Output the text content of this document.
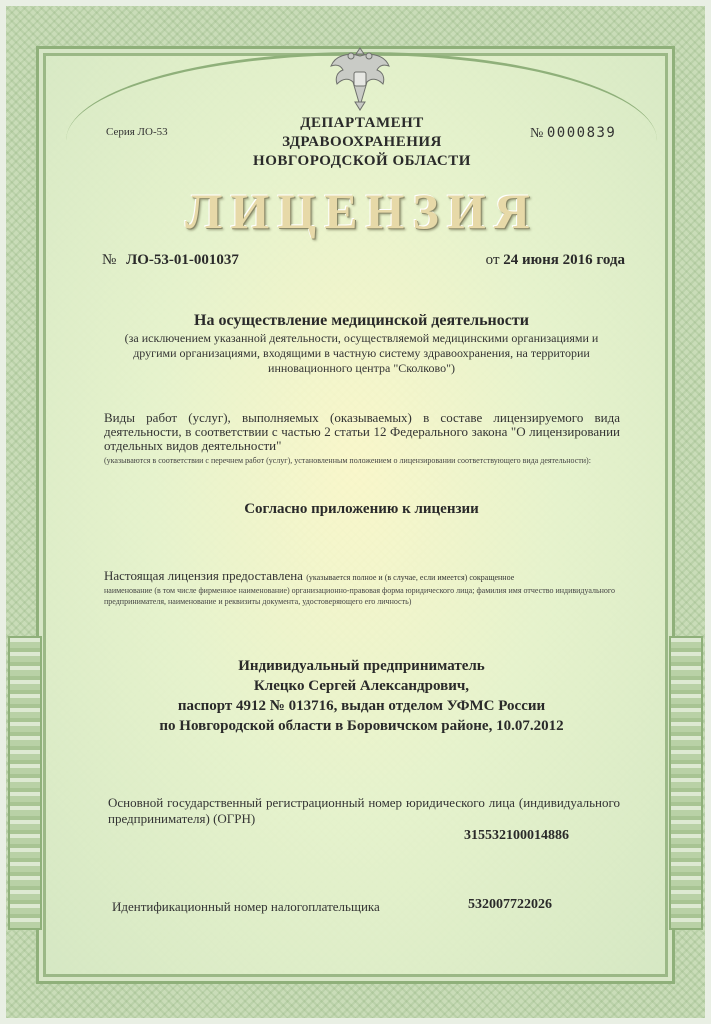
Серия ЛО-53
ДЕПАРТАМЕНТ
ЗДРАВООХРАНЕНИЯ
НОВГОРОДСКОЙ ОБЛАСТИ
№ 0000839
ЛИЦЕНЗИЯ
№ ЛО-53-01-001037	от 24 июня 2016 года
На осуществление медицинской деятельности
(за исключением указанной деятельности, осуществляемой медицинскими организациями и другими организациями, входящими в частную систему здравоохранения, на территории инновационного центра "Сколково")
Виды работ (услуг), выполняемых (оказываемых) в составе лицензируемого вида деятельности, в соответствии с частью 2 статьи 12 Федерального закона "О лицензировании отдельных видов деятельности"
(указываются в соответствии с перечнем работ (услуг), установленным положением о лицензировании соответствующего вида деятельности):
Согласно приложению к лицензии
Настоящая лицензия предоставлена (указывается полное и (в случае, если имеется) сокращенное
наименование (в том числе фирменное наименование) организационно-правовая форма юридического лица; фамилия имя отчество индивидуального предпринимателя, наименование и реквизиты документа, удостоверяющего его личность)
Индивидуальный предприниматель
Клецко Сергей Александрович,
паспорт 4912 № 013716, выдан отделом УФМС России
по Новгородской области в Боровичском районе, 10.07.2012
Основной государственный регистрационный номер юридического лица (индивидуального предпринимателя) (ОГРН)
315532100014886
Идентификационный номер налогоплательщика	532007722026
